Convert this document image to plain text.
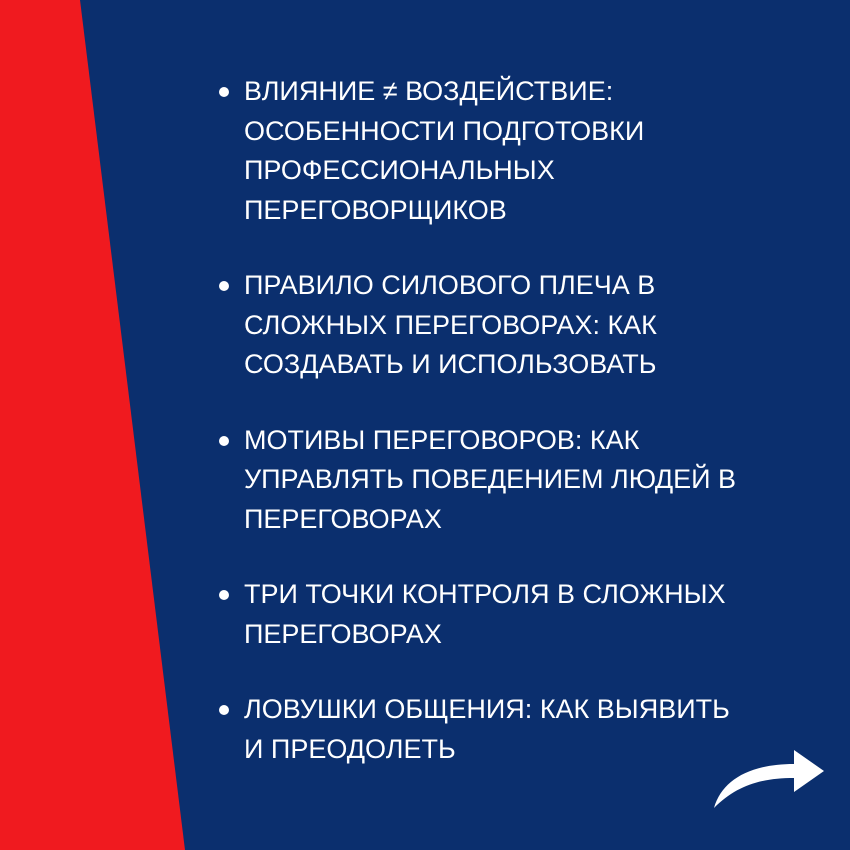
ВЛИЯНИЕ ≠ ВОЗДЕЙСТВИЕ:
ОСОБЕННОСТИ ПОДГОТОВКИ
ПРОФЕССИОНАЛЬНЫХ
ПЕРЕГОВОРЩИКОВ
ПРАВИЛО СИЛОВОГО ПЛЕЧА В
СЛОЖНЫХ ПЕРЕГОВОРАХ: КАК
СОЗДАВАТЬ И ИСПОЛЬЗОВАТЬ
МОТИВЫ ПЕРЕГОВОРОВ: КАК
УПРАВЛЯТЬ ПОВЕДЕНИЕМ ЛЮДЕЙ В
ПЕРЕГОВОРАХ
ТРИ ТОЧКИ КОНТРОЛЯ В СЛОЖНЫХ
ПЕРЕГОВОРАХ
ЛОВУШКИ ОБЩЕНИЯ: КАК ВЫЯВИТЬ
И ПРЕОДОЛЕТЬ
